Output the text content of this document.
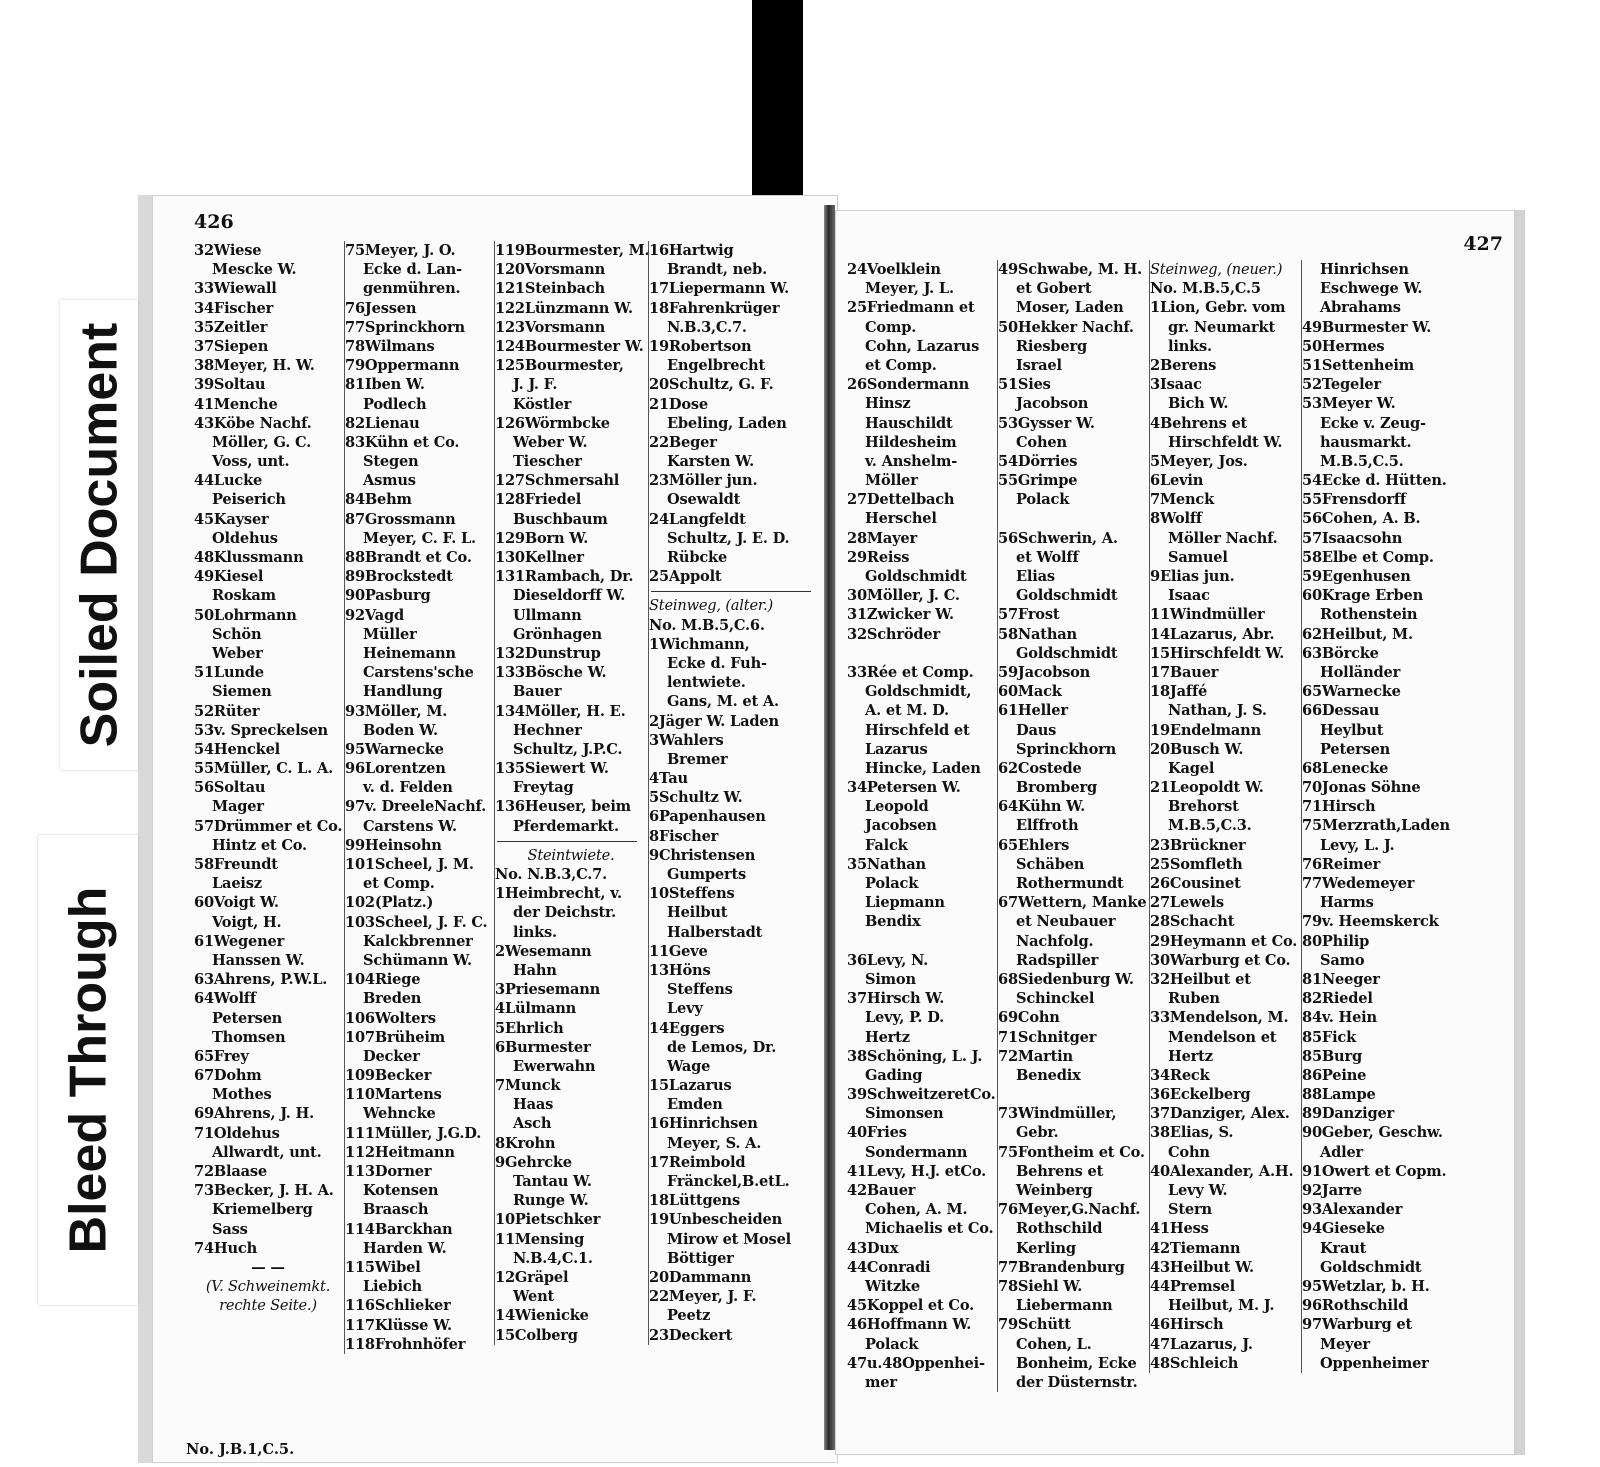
426
32Wiese
Mescke W.
33Wiewall
34Fischer
35Zeitler
37Siepen
38Meyer, H. W.
39Soltau
41Menche
43Köbe Nachf.
Möller, G. C.
Voss, unt.
44Lucke
Peiserich
45Kayser
Oldehus
48Klussmann
49Kiesel
Roskam
50Lohrmann
Schön
Weber
51Lunde
Siemen
52Rüter
53v. Spreckelsen
54Henckel
55Müller, C. L. A.
56Soltau
Mager
57Drümmer et Co.
Hintz et Co.
58Freundt
Laeisz
60Voigt W.
Voigt, H.
61Wegener
Hanssen W.
63Ahrens, P.W.L.
64Wolff
Petersen
Thomsen
65Frey
67Dohm
Mothes
69Ahrens, J. H.
71Oldehus
Allwardt, unt.
72Blaase
73Becker, J. H. A.
Kriemelberg
Sass
74Huch
— —
(V. Schweinemkt.
rechte Seite.)
75Meyer, J. O.
Ecke d. Lan-
genmühren.
76Jessen
77Sprinckhorn
78Wilmans
79Oppermann
81Iben W.
Podlech
82Lienau
83Kühn et Co.
Stegen
Asmus
84Behm
87Grossmann
Meyer, C. F. L.
88Brandt et Co.
89Brockstedt
90Pasburg
92Vagd
Müller
Heinemann
Carstens'sche
Handlung
93Möller, M.
Boden W.
95Warnecke
96Lorentzen
v. d. Felden
97v. DreeleNachf.
Carstens W.
99Heinsohn
101Scheel, J. M.
et Comp.
102(Platz.)
103Scheel, J. F. C.
Kalckbrenner
Schümann W.
104Riege
Breden
106Wolters
107Brüheim
Decker
109Becker
110Martens
Wehncke
111Müller, J.G.D.
112Heitmann
113Dorner
Kotensen
Braasch
114Barckhan
Harden W.
115Wibel
Liebich
116Schlieker
117Klüsse W.
118Frohnhöfer
119Bourmester, M.
120Vorsmann
121Steinbach
122Lünzmann W.
123Vorsmann
124Bourmester W.
125Bourmester,
J. J. F.
Köstler
126Wörmbcke
Weber W.
Tiescher
127Schmersahl
128Friedel
Buschbaum
129Born W.
130Kellner
131Rambach, Dr.
Dieseldorff W.
Ullmann
Grönhagen
132Dunstrup
133Bösche W.
Bauer
134Möller, H. E.
Hechner
Schultz, J.P.C.
135Siewert W.
Freytag
136Heuser, beim
Pferdemarkt.
Steintwiete.
No. N.B.3,C.7.
1Heimbrecht, v.
der Deichstr.
links.
2Wesemann
Hahn
3Priesemann
4Lülmann
5Ehrlich
6Burmester
Ewerwahn
7Munck
Haas
Asch
8Krohn
9Gehrcke
Tantau W.
Runge W.
10Pietschker
11Mensing
N.B.4,C.1.
12Gräpel
Went
14Wienicke
15Colberg
16Hartwig
Brandt, neb.
17Liepermann W.
18Fahrenkrüger
N.B.3,C.7.
19Robertson
Engelbrecht
20Schultz, G. F.
21Dose
Ebeling, Laden
22Beger
Karsten W.
23Möller jun.
Osewaldt
24Langfeldt
Schultz, J. E. D.
Rübcke
25Appolt
Steinweg, (alter.)
No. M.B.5,C.6.
1Wichmann,
Ecke d. Fuh-
lentwiete.
Gans, M. et A.
2Jäger W. Laden
3Wahlers
Bremer
4Tau
5Schultz W.
6Papenhausen
8Fischer
9Christensen
Gumperts
10Steffens
Heilbut
Halberstadt
11Geve
13Höns
Steffens
Levy
14Eggers
de Lemos, Dr.
Wage
15Lazarus
Emden
16Hinrichsen
Meyer, S. A.
17Reimbold
Fränckel,B.etL.
18Lüttgens
19Unbescheiden
Mirow et Mosel
Böttiger
20Dammann
22Meyer, J. F.
Peetz
23Deckert
No. J.B.1,C.5.
427
24Voelklein
Meyer, J. L.
25Friedmann et
Comp.
Cohn, Lazarus
et Comp.
26Sondermann
Hinsz
Hauschildt
Hildesheim
v. Anshelm-
Möller
27Dettelbach
Herschel
28Mayer
29Reiss
Goldschmidt
30Möller, J. C.
31Zwicker W.
32Schröder
33Rée et Comp.
Goldschmidt,
A. et M. D.
Hirschfeld et
Lazarus
Hincke, Laden
34Petersen W.
Leopold
Jacobsen
Falck
35Nathan
Polack
Liepmann
Bendix
36Levy, N.
Simon
37Hirsch W.
Levy, P. D.
Hertz
38Schöning, L. J.
Gading
39SchweitzeretCo.
Simonsen
40Fries
Sondermann
41Levy, H.J. etCo.
42Bauer
Cohen, A. M.
Michaelis et Co.
43Dux
44Conradi
Witzke
45Koppel et Co.
46Hoffmann W.
Polack
47u.48Oppenhei-
mer
49Schwabe, M. H.
et Gobert
Moser, Laden
50Hekker Nachf.
Riesberg
Israel
51Sies
Jacobson
53Gysser W.
Cohen
54Dörries
55Grimpe
Polack
56Schwerin, A.
et Wolff
Elias
Goldschmidt
57Frost
58Nathan
Goldschmidt
59Jacobson
60Mack
61Heller
Daus
Sprinckhorn
62Costede
Bromberg
64Kühn W.
Elffroth
65Ehlers
Schäben
Rothermundt
67Wettern, Manke
et Neubauer
Nachfolg.
Radspiller
68Siedenburg W.
Schinckel
69Cohn
71Schnitger
72Martin
Benedix
73Windmüller,
Gebr.
75Fontheim et Co.
Behrens et
Weinberg
76Meyer,G.Nachf.
Rothschild
Kerling
77Brandenburg
78Siehl W.
Liebermann
79Schütt
Cohen, L.
Bonheim, Ecke
der Düsternstr.
Steinweg, (neuer.)
No. M.B.5,C.5
1Lion, Gebr. vom
gr. Neumarkt
links.
2Berens
3Isaac
Bich W.
4Behrens et
Hirschfeldt W.
5Meyer, Jos.
6Levin
7Menck
8Wolff
Möller Nachf.
Samuel
9Elias jun.
Isaac
11Windmüller
14Lazarus, Abr.
15Hirschfeldt W.
17Bauer
18Jaffé
Nathan, J. S.
19Endelmann
20Busch W.
Kagel
21Leopoldt W.
Brehorst
M.B.5,C.3.
23Brückner
25Somfleth
26Cousinet
27Lewels
28Schacht
29Heymann et Co.
30Warburg et Co.
32Heilbut et
Ruben
33Mendelson, M.
Mendelson et
Hertz
34Reck
36Eckelberg
37Danziger, Alex.
38Elias, S.
Cohn
40Alexander, A.H.
Levy W.
Stern
41Hess
42Tiemann
43Heilbut W.
44Premsel
Heilbut, M. J.
46Hirsch
47Lazarus, J.
48Schleich
Hinrichsen
Eschwege W.
Abrahams
49Burmester W.
50Hermes
51Settenheim
52Tegeler
53Meyer W.
Ecke v. Zeug-
hausmarkt.
M.B.5,C.5.
54Ecke d. Hütten.
55Frensdorff
56Cohen, A. B.
57Isaacsohn
58Elbe et Comp.
59Egenhusen
60Krage Erben
Rothenstein
62Heilbut, M.
63Börcke
Holländer
65Warnecke
66Dessau
Heylbut
Petersen
68Lenecke
70Jonas Söhne
71Hirsch
75Merzrath,Laden
Levy, L. J.
76Reimer
77Wedemeyer
Harms
79v. Heemskerck
80Philip
Samo
81Neeger
82Riedel
84v. Hein
85Fick
85Burg
86Peine
88Lampe
89Danziger
90Geber, Geschw.
Adler
91Owert et Copm.
92Jarre
93Alexander
94Gieseke
Kraut
Goldschmidt
95Wetzlar, b. H.
96Rothschild
97Warburg et
Meyer
Oppenheimer
Soiled Document
Bleed Through
